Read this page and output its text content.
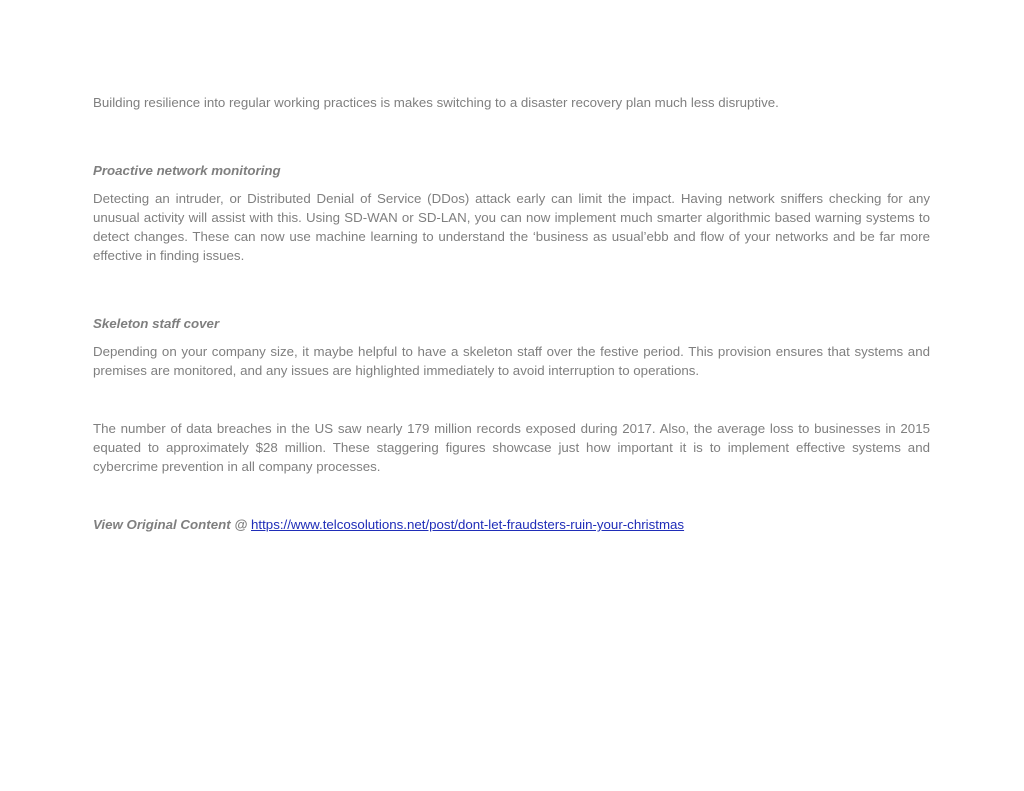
Building resilience into regular working practices is makes switching to a disaster recovery plan much less disruptive.

Proactive network monitoring

Detecting an intruder, or Distributed Denial of Service (DDos) attack early can limit the impact. Having network sniffers checking for any unusual activity will assist with this. Using SD-WAN or SD-LAN, you can now implement much smarter algorithmic based warning systems to detect changes. These can now use machine learning to understand the ‘business as usual’ebb and flow of your networks and be far more effective in finding issues.

Skeleton staff cover

Depending on your company size, it maybe helpful to have a skeleton staff over the festive period. This provision ensures that systems and premises are monitored, and any issues are highlighted immediately to avoid interruption to operations.

The number of data breaches in the US saw nearly 179 million records exposed during 2017. Also, the average loss to businesses in 2015 equated to approximately $28 million. These staggering figures showcase just how important it is to implement effective systems and cybercrime prevention in all company processes.

View Original Content @ https://www.telcosolutions.net/post/dont-let-fraudsters-ruin-your-christmas
